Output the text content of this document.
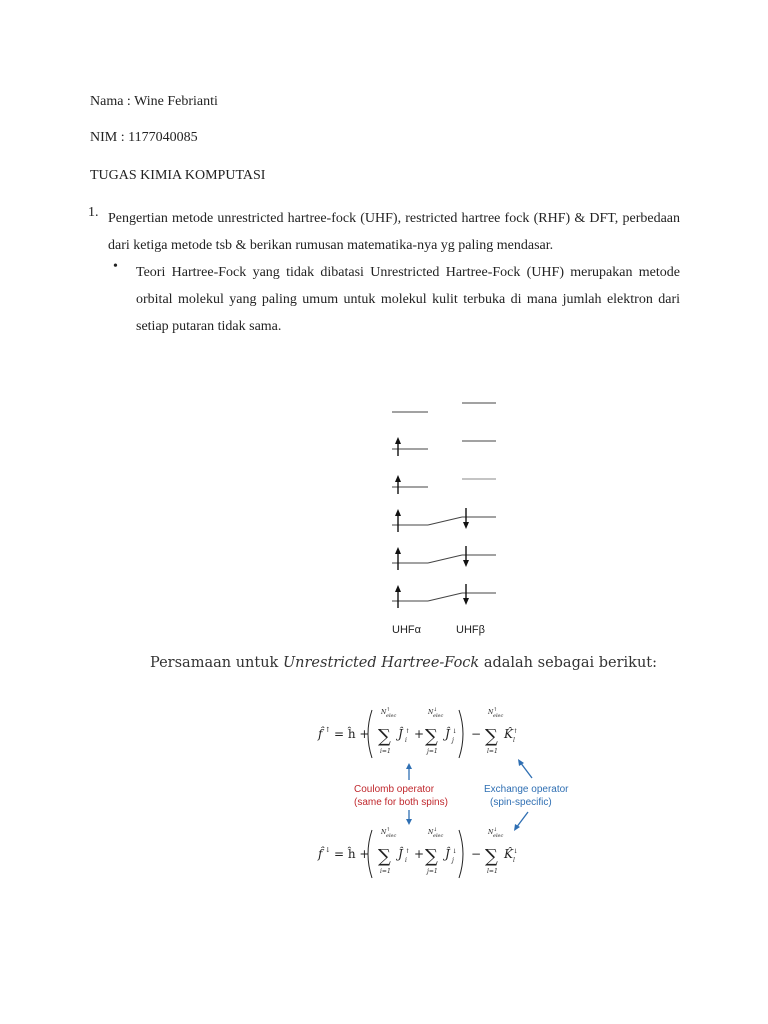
Nama : Wine Febrianti
NIM : 1177040085
TUGAS KIMIA KOMPUTASI
1. Pengertian metode unrestricted hartree-fock (UHF), restricted hartree fock (RHF) & DFT, perbedaan dari ketiga metode tsb & berikan rumusan matematika-nya yg paling mendasar.
• Teori Hartree-Fock yang tidak dibatasi Unrestricted Hartree-Fock (UHF) merupakan metode orbital molekul yang paling umum untuk molekul kulit terbuka di mana jumlah elektron dari setiap putaran tidak sama.
UHFα	UHFβ
Persamaan untuk Unrestricted Hartree-Fock adalah sebagai berikut:
f̂ ↑ = ĥ +
N ↑
elec
∑
i=1
Ĵ ↑
i +
N ↓
elec
∑
j=1
Ĵ ↓
j −
N ↑
elec
∑
l=1
K̂ ↑
l
Coulomb operator
(same for both spins)
Exchange operator
(spin-specific)
f̂ ↓ = ĥ +
N ↑
elec
∑
i=1
Ĵ ↑
i +
N ↓
elec
∑
j=1
Ĵ ↓
j −
N ↓
elec
∑
l=1
K̂ ↓
l
